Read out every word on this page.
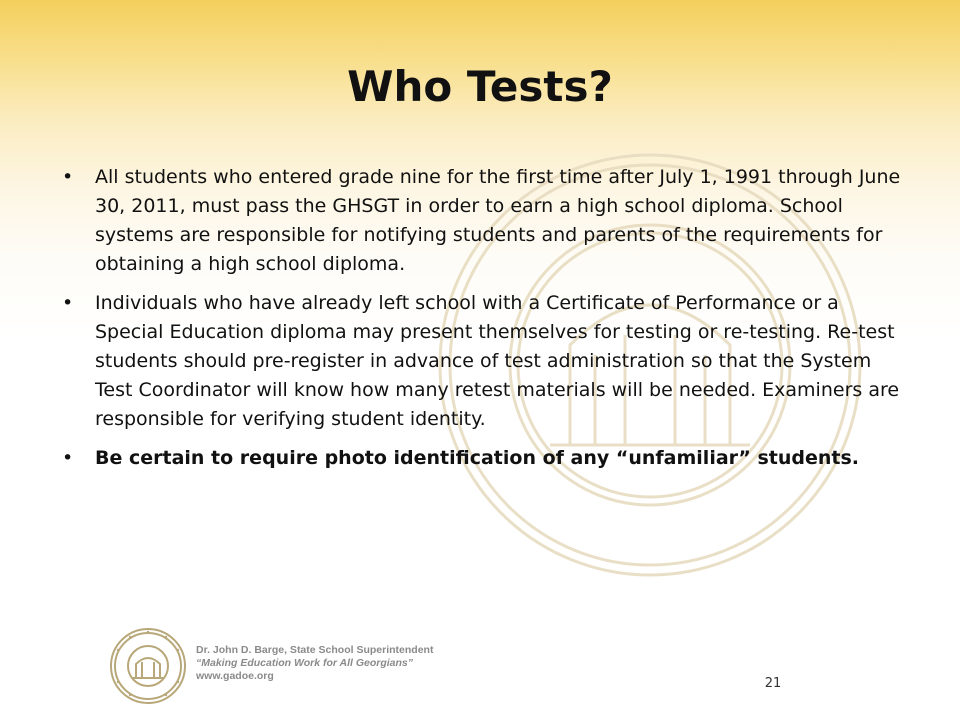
Who Tests?
• All students who entered grade nine for the first time after July 1, 1991 through June 30, 2011, must pass the GHSGT in order to earn a high school diploma. School systems are responsible for notifying students and parents of the requirements for obtaining a high school diploma.
• Individuals who have already left school with a Certificate of Performance or a Special Education diploma may present themselves for testing or re-testing. Re-test students should pre-register in advance of test administration so that the System Test Coordinator will know how many retest materials will be needed. Examiners are responsible for verifying student identity.
• Be certain to require photo identification of any “unfamiliar” students.
Dr. John D. Barge, State School Superintendent
“Making Education Work for All Georgians”
www.gadoe.org	21
